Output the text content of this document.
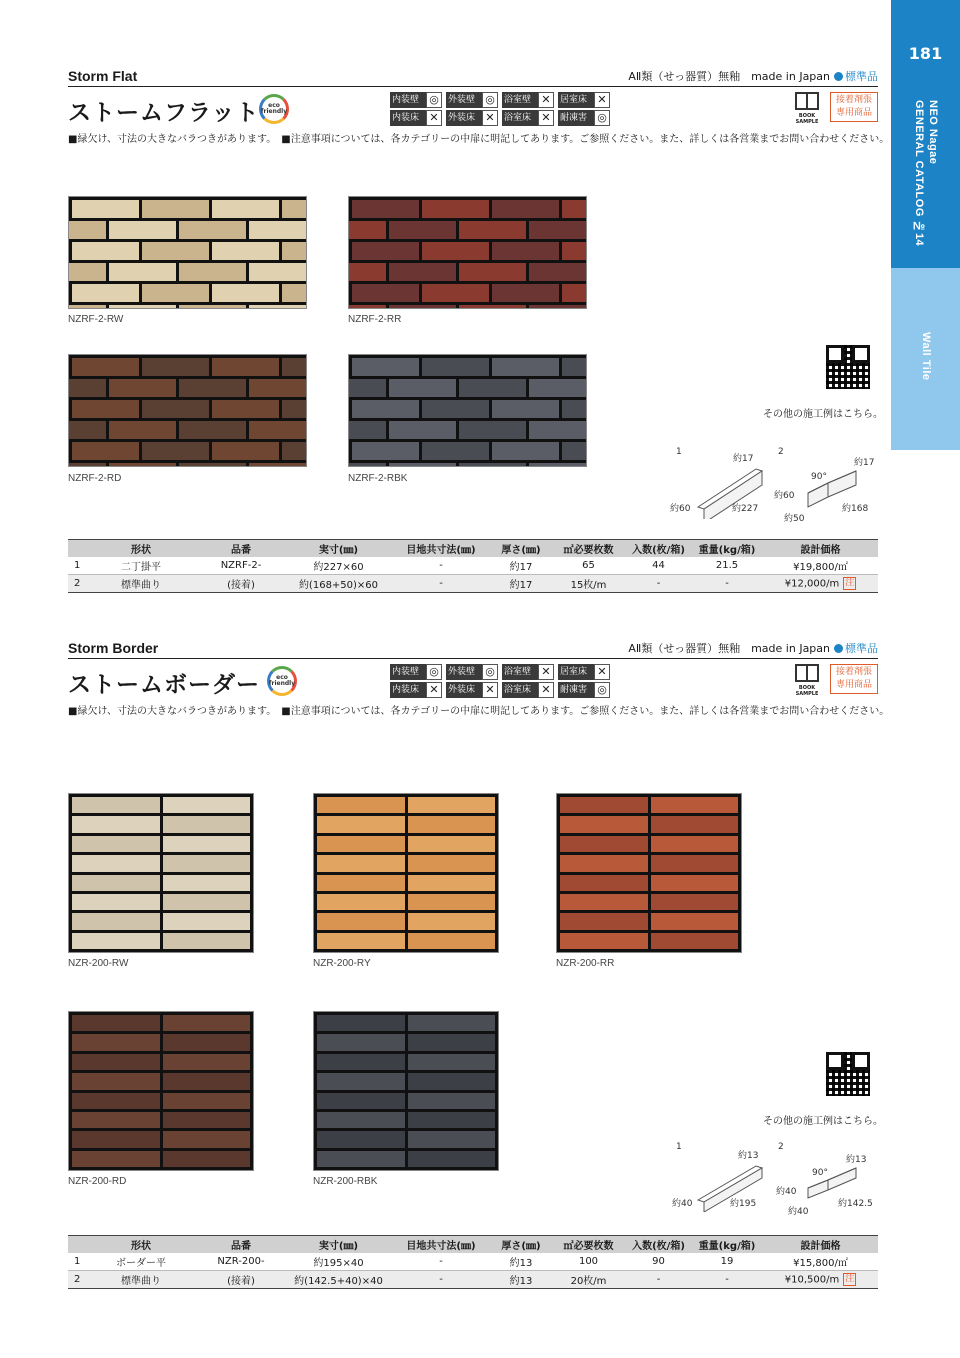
181
NEO Nagae
GENERAL CATALOG №14
Wall Tile
Storm Flat	AⅡ類（せっ器質）無釉　made in Japan 標準品
ストームフラット eco
friendly
内装壁 ◎	外装壁 ◎	浴室壁 ✕	居室床 ✕
内装床 ✕	外装床 ✕	浴室床 ✕	耐凍害 ◎	BOOK SAMPLE
接着剤張
専用商品
■緑欠け、寸法の大きなバラつきがあります。　■注意事項については、各カテゴリーの中扉に明記してあります。ご参照ください。また、詳しくは各営業までお問い合わせください。
NZRF-2-RW	NZRF-2-RR
NZRF-2-RD	NZRF-2-RBK
その他の施工例はこちら。
1	2
約17
約60	約227
約17
90°
約60
約168
約50
	形状	品番	実寸(㎜)	目地共寸法(㎜)	厚さ(㎜)	㎡必要枚数	入数(枚/箱)	重量(kg/箱)	設計価格
1	二丁掛平	NZRF-2-	約227×60	-	約17	65	44	21.5	¥19,800/㎡
2	標準曲り	(接着)	約(168+50)×60	-	約17	15枚/m	-	-	¥12,000/m 注
Storm Border	AⅡ類（せっ器質）無釉　made in Japan 標準品
ストームボーダー	eco
friendly
内装壁 ◎	外装壁 ◎	浴室壁 ✕	居室床 ✕
内装床 ✕	外装床 ✕	浴室床 ✕	耐凍害 ◎	BOOK SAMPLE
接着剤張
専用商品
■緑欠け、寸法の大きなバラつきがあります。　■注意事項については、各カテゴリーの中扉に明記してあります。ご参照ください。また、詳しくは各営業までお問い合わせください。
NZR-200-RW	NZR-200-RY	NZR-200-RR
NZR-200-RD	NZR-200-RBK
その他の施工例はこちら。
1	2
約13
約40	約195
約13
90°
約40
約142.5
約40
	形状	品番	実寸(㎜)	目地共寸法(㎜)	厚さ(㎜)	㎡必要枚数	入数(枚/箱)	重量(kg/箱)	設計価格
1	ボーダー平	NZR-200-	約195×40	-	約13	100	90	19	¥15,800/㎡
2	標準曲り	(接着)	約(142.5+40)×40	-	約13	20枚/m	-	-	¥10,500/m 注
